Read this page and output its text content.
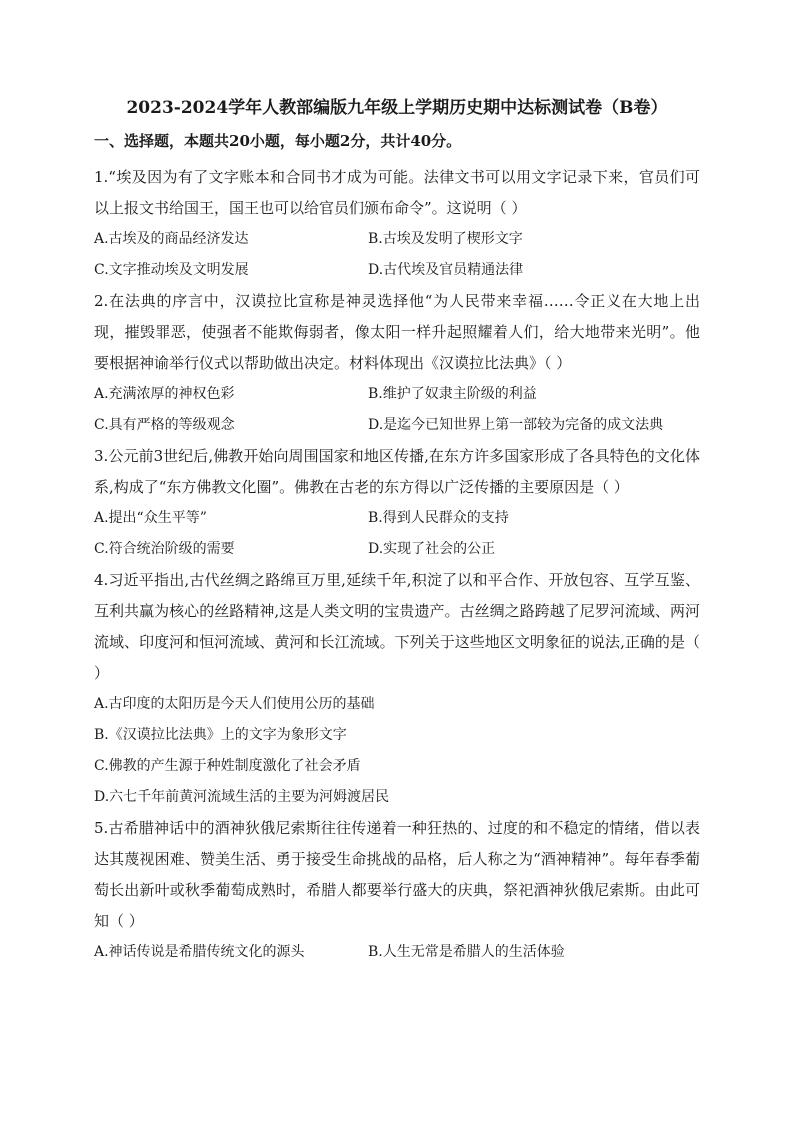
2023-2024学年人教部编版九年级上学期历史期中达标测试卷（B卷）
一、选择题，本题共20小题，每小题2分，共计40分。

1.“埃及因为有了文字账本和合同书才成为可能。法律文书可以用文字记录下来，官员们可以上报文书给国王，国王也可以给官员们颁布命令”。这说明（ ）

A.古埃及的商品经济发达	B.古埃及发明了楔形文字
C.文字推动埃及文明发展	D.古代埃及官员精通法律

2.在法典的序言中，汉谟拉比宣称是神灵选择他“为人民带来幸福……令正义在大地上出现，摧毁罪恶，使强者不能欺侮弱者，像太阳一样升起照耀着人们，给大地带来光明”。他要根据神谕举行仪式以帮助做出决定。材料体现出《汉谟拉比法典》（ ）

A.充满浓厚的神权色彩	B.维护了奴隶主阶级的利益
C.具有严格的等级观念	D.是迄今已知世界上第一部较为完备的成文法典

3.公元前3世纪后,佛教开始向周围国家和地区传播,在东方许多国家形成了各具特色的文化体系,构成了“东方佛教文化圈”。佛教在古老的东方得以广泛传播的主要原因是（ ）

A.提出“众生平等”	B.得到人民群众的支持
C.符合统治阶级的需要	D.实现了社会的公正

4.习近平指出,古代丝绸之路绵亘万里,延续千年,积淀了以和平合作、开放包容、互学互鉴、互利共赢为核心的丝路精神,这是人类文明的宝贵遗产。古丝绸之路跨越了尼罗河流域、两河流域、印度河和恒河流域、黄河和长江流域。下列关于这些地区文明象征的说法,正确的是（ ）

A.古印度的太阳历是今天人们使用公历的基础
B.《汉谟拉比法典》上的文字为象形文字
C.佛教的产生源于种姓制度激化了社会矛盾
D.六七千年前黄河流域生活的主要为河姆渡居民

5.古希腊神话中的酒神狄俄尼索斯往往传递着一种狂热的、过度的和不稳定的情绪，借以表达其蔑视困难、赞美生活、勇于接受生命挑战的品格，后人称之为“酒神精神”。每年春季葡萄长出新叶或秋季葡萄成熟时，希腊人都要举行盛大的庆典，祭祀酒神狄俄尼索斯。由此可知（ ）

A.神话传说是希腊传统文化的源头	B.人生无常是希腊人的生活体验
